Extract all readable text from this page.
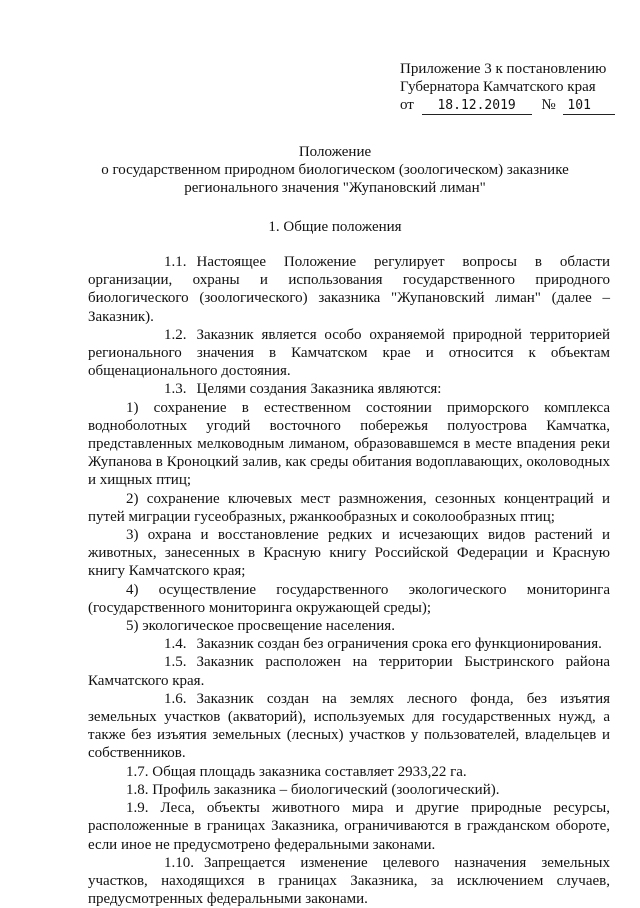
Приложение 3 к постановлению
Губернатора Камчатского края
от 18.12.2019 № 101
Положение
о государственном природном биологическом (зоологическом) заказнике
регионального значения "Жупановский лиман"
1. Общие положения

1.1. Настоящее Положение регулирует вопросы в области организации, охраны и использования государственного природного биологического (зоологического) заказника "Жупановский лиман" (далее – Заказник).

1.2. Заказник является особо охраняемой природной территорией регионального значения в Камчатском крае и относится к объектам общенационального достояния.

1.3. Целями создания Заказника являются:

1) сохранение в естественном состоянии приморского комплекса водноболотных угодий восточного побережья полуострова Камчатка, представленных мелководным лиманом, образовавшемся в месте впадения реки Жупанова в Кроноцкий залив, как среды обитания водоплавающих, околоводных и хищных птиц;

2) сохранение ключевых мест размножения, сезонных концентраций и путей миграции гусеобразных, ржанкообразных и соколообразных птиц;

3) охрана и восстановление редких и исчезающих видов растений и животных, занесенных в Красную книгу Российской Федерации и Красную книгу Камчатского края;

4) осуществление государственного экологического мониторинга (государственного мониторинга окружающей среды);

5) экологическое просвещение населения.

1.4. Заказник создан без ограничения срока его функционирования.

1.5. Заказник расположен на территории Быстринского района Камчатского края.

1.6. Заказник создан на землях лесного фонда, без изъятия земельных участков (акваторий), используемых для государственных нужд, а также без изъятия земельных (лесных) участков у пользователей, владельцев и собственников.

1.7. Общая площадь заказника составляет 2933,22 га.

1.8. Профиль заказника – биологический (зоологический).

1.9. Леса, объекты животного мира и другие природные ресурсы, расположенные в границах Заказника, ограничиваются в гражданском обороте, если иное не предусмотрено федеральными законами.

1.10. Запрещается изменение целевого назначения земельных участков, находящихся в границах Заказника, за исключением случаев, предусмотренных федеральными законами.
